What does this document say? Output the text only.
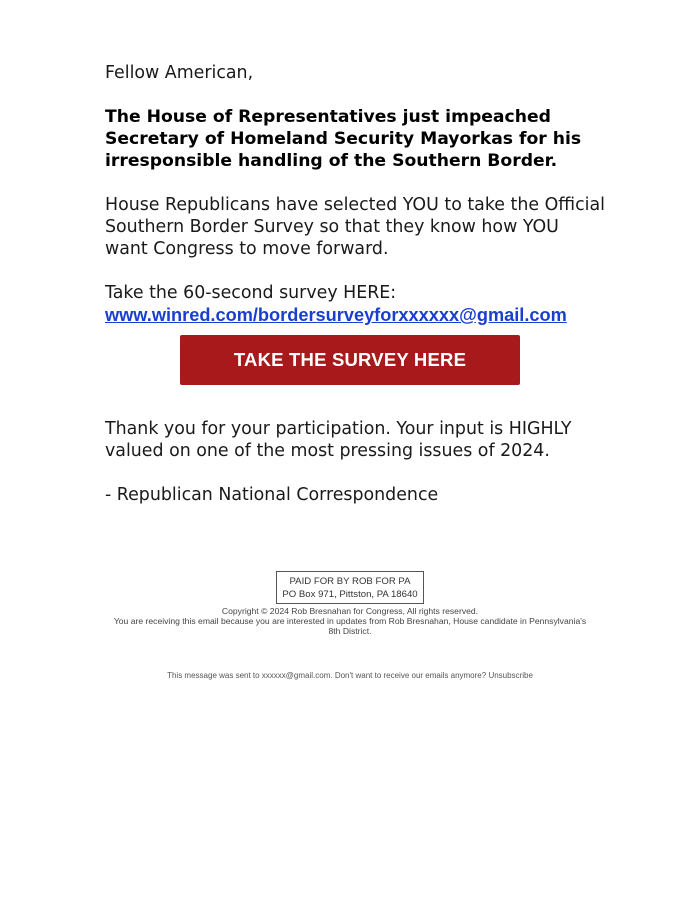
Fellow American,

The House of Representatives just impeached Secretary of Homeland Security Mayorkas for his irresponsible handling of the Southern Border.

House Republicans have selected YOU to take the Official Southern Border Survey so that they know how YOU want Congress to move forward.

Take the 60-second survey HERE:
www.winred.com/bordersurveyforxxxxxx@gmail.com
TAKE THE SURVEY HERE

Thank you for your participation. Your input is HIGHLY valued on one of the most pressing issues of 2024.

- Republican National Correspondence

PAID FOR BY ROB FOR PA
PO Box 971, Pittston, PA 18640
Copyright © 2024 Rob Bresnahan for Congress, All rights reserved.
You are receiving this email because you are interested in updates from Rob Bresnahan, House candidate in Pennsylvania's 8th District.
This message was sent to xxxxxx@gmail.com. Don't want to receive our emails anymore? Unsubscribe
